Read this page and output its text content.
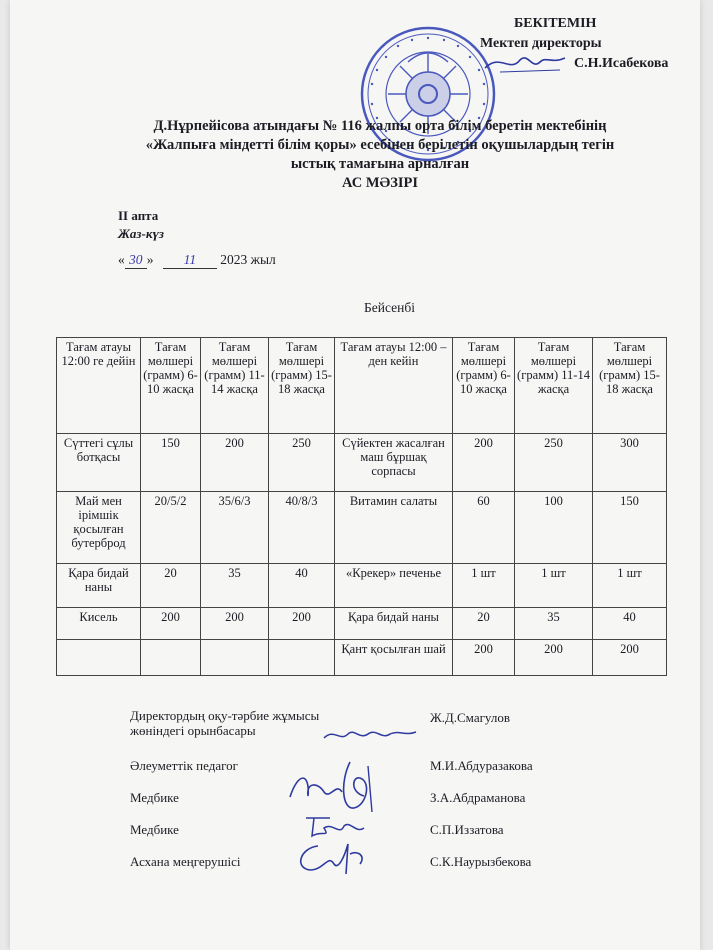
БЕКІТЕМІН
Мектеп директоры
С.Н.Исабекова
Д.Нұрпейісова атындағы № 116 жалпы орта білім беретін мектебінің
«Жалпыға міндетті білім қоры» есебінен берілетін оқушылардың тегін
ыстық тамағына арналған
АС МӘЗІРІ
II апта
Жаз-күз
« 30 » 11 2023 жыл
Бейсенбі
Тағам атауы 12:00 ге дейін	Тағам мөлшері (грамм) 6-10 жасқа	Тағам мөлшері (грамм) 11-14 жасқа	Тағам мөлшері (грамм) 15-18 жасқа	Тағам атауы 12:00 – ден кейін	Тағам мөлшері (грамм) 6-10 жасқа	Тағам мөлшері (грамм) 11-14 жасқа	Тағам мөлшері (грамм) 15-18 жасқа
Сүттегі сұлы ботқасы	150	200	250	Сүйектен жасалған маш бұршақ сорпасы	200	250	300
Май мен ірімшік қосылған бутерброд	20/5/2	35/6/3	40/8/3	Витамин салаты	60	100	150
Қара бидай наны	20	35	40	«Крекер» печенье	1 шт	1 шт	1 шт
Кисель	200	200	200	Қара бидай наны	20	35	40
				Қант қосылған шай	200	200	200
Директордың оқу-тәрбие жұмысы жөніндегі орынбасары
Ж.Д.Смагулов
Әлеуметтік педагог	М.И.Абдуразакова
Медбике	З.А.Абдраманова
Медбике	С.П.Иззатова
Асхана меңгерушісі	С.К.Наурызбекова
